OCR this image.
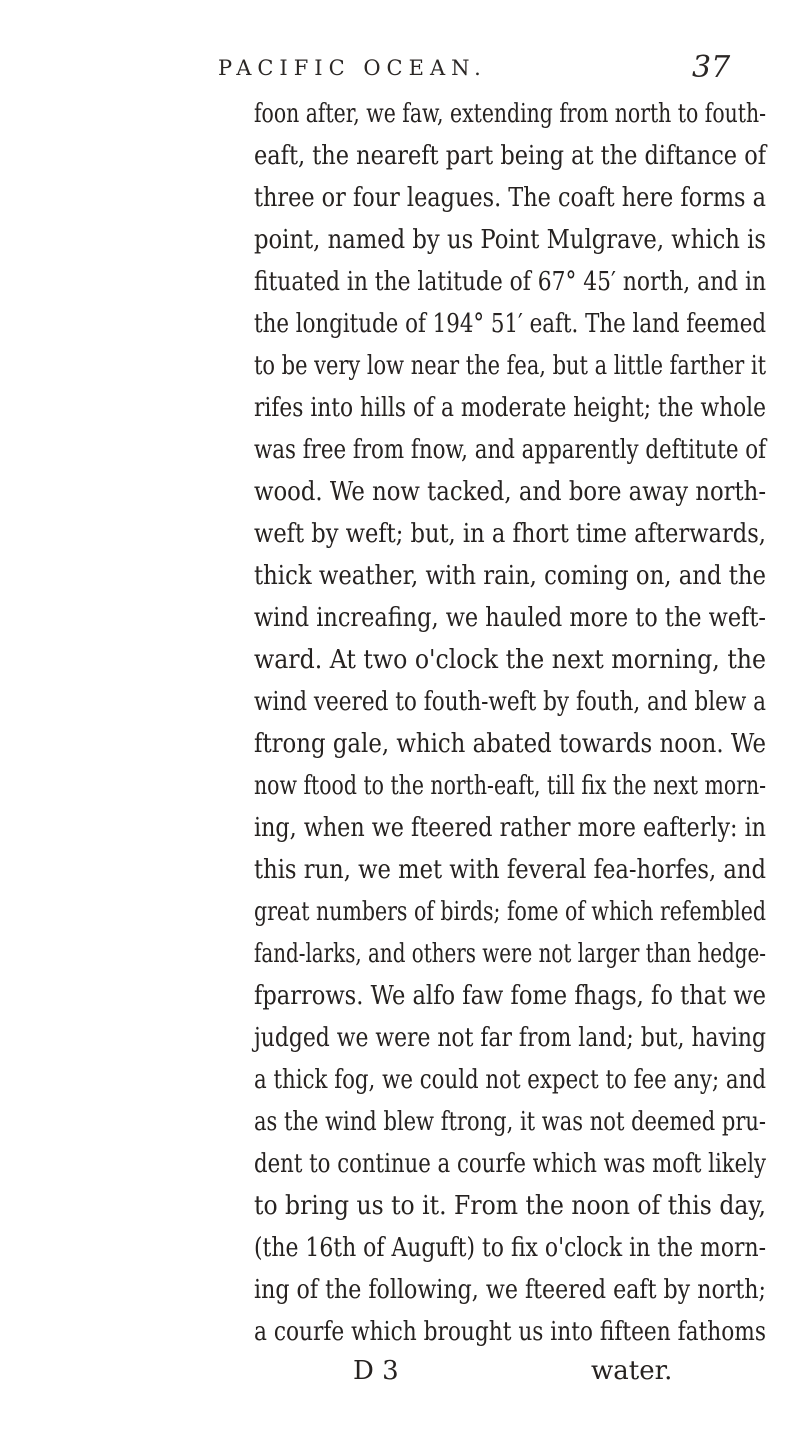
PACIFIC OCEAN.	37
foon after, we faw, extending from north to fouth-
eaft, the neareft part being at the diftance of
three or four leagues. The coaft here forms a
point, named by us Point Mulgrave, which is
fituated in the latitude of 67° 45′ north, and in
the longitude of 194° 51′ eaft. The land feemed
to be very low near the fea, but a little farther it
rifes into hills of a moderate height; the whole
was free from fnow, and apparently deftitute of
wood. We now tacked, and bore away north-
weft by weft; but, in a fhort time afterwards,
thick weather, with rain, coming on, and the
wind increafing, we hauled more to the weft-
ward. At two o'clock the next morning, the
wind veered to fouth-weft by fouth, and blew a
ftrong gale, which abated towards noon. We
now ftood to the north-eaft, till fix the next morn-
ing, when we fteered rather more eafterly: in
this run, we met with feveral fea-horfes, and
great numbers of birds; fome of which refembled
fand-larks, and others were not larger than hedge-
fparrows. We alfo faw fome fhags, fo that we
judged we were not far from land; but, having
a thick fog, we could not expect to fee any; and
as the wind blew ftrong, it was not deemed pru-
dent to continue a courfe which was moft likely
to bring us to it. From the noon of this day,
(the 16th of Auguft) to fix o'clock in the morn-
ing of the following, we fteered eaft by north;
a courfe which brought us into fifteen fathoms
D 3	water.
